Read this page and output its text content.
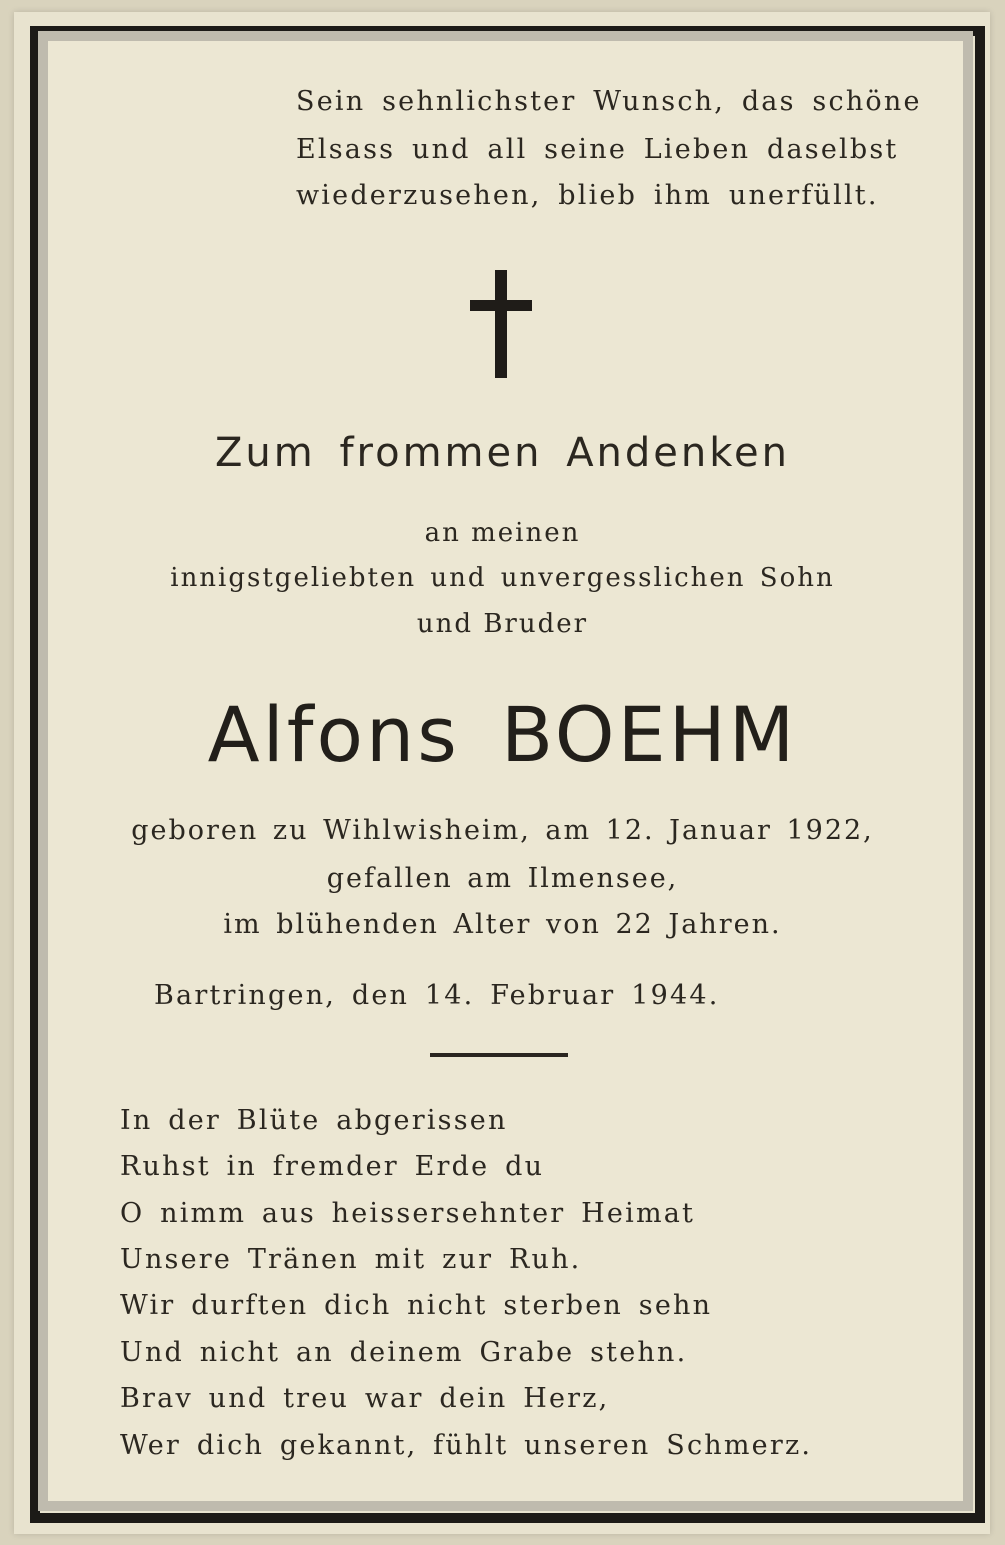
Sein sehnlichster Wunsch, das schöne

Elsass und all seine Lieben daselbst

wiederzusehen, blieb ihm unerfüllt.

Zum frommen Andenken

an meinen

innigstgeliebten und unvergesslichen Sohn

und Bruder

Alfons BOEHM

geboren zu Wihlwisheim, am 12. Januar 1922,

gefallen am Ilmensee,

im blühenden Alter von 22 Jahren.

Bartringen, den 14. Februar 1944.

In der Blüte abgerissen

Ruhst in fremder Erde du

O nimm aus heissersehnter Heimat

Unsere Tränen mit zur Ruh.

Wir durften dich nicht sterben sehn

Und nicht an deinem Grabe stehn.

Brav und treu war dein Herz,

Wer dich gekannt, fühlt unseren Schmerz.
